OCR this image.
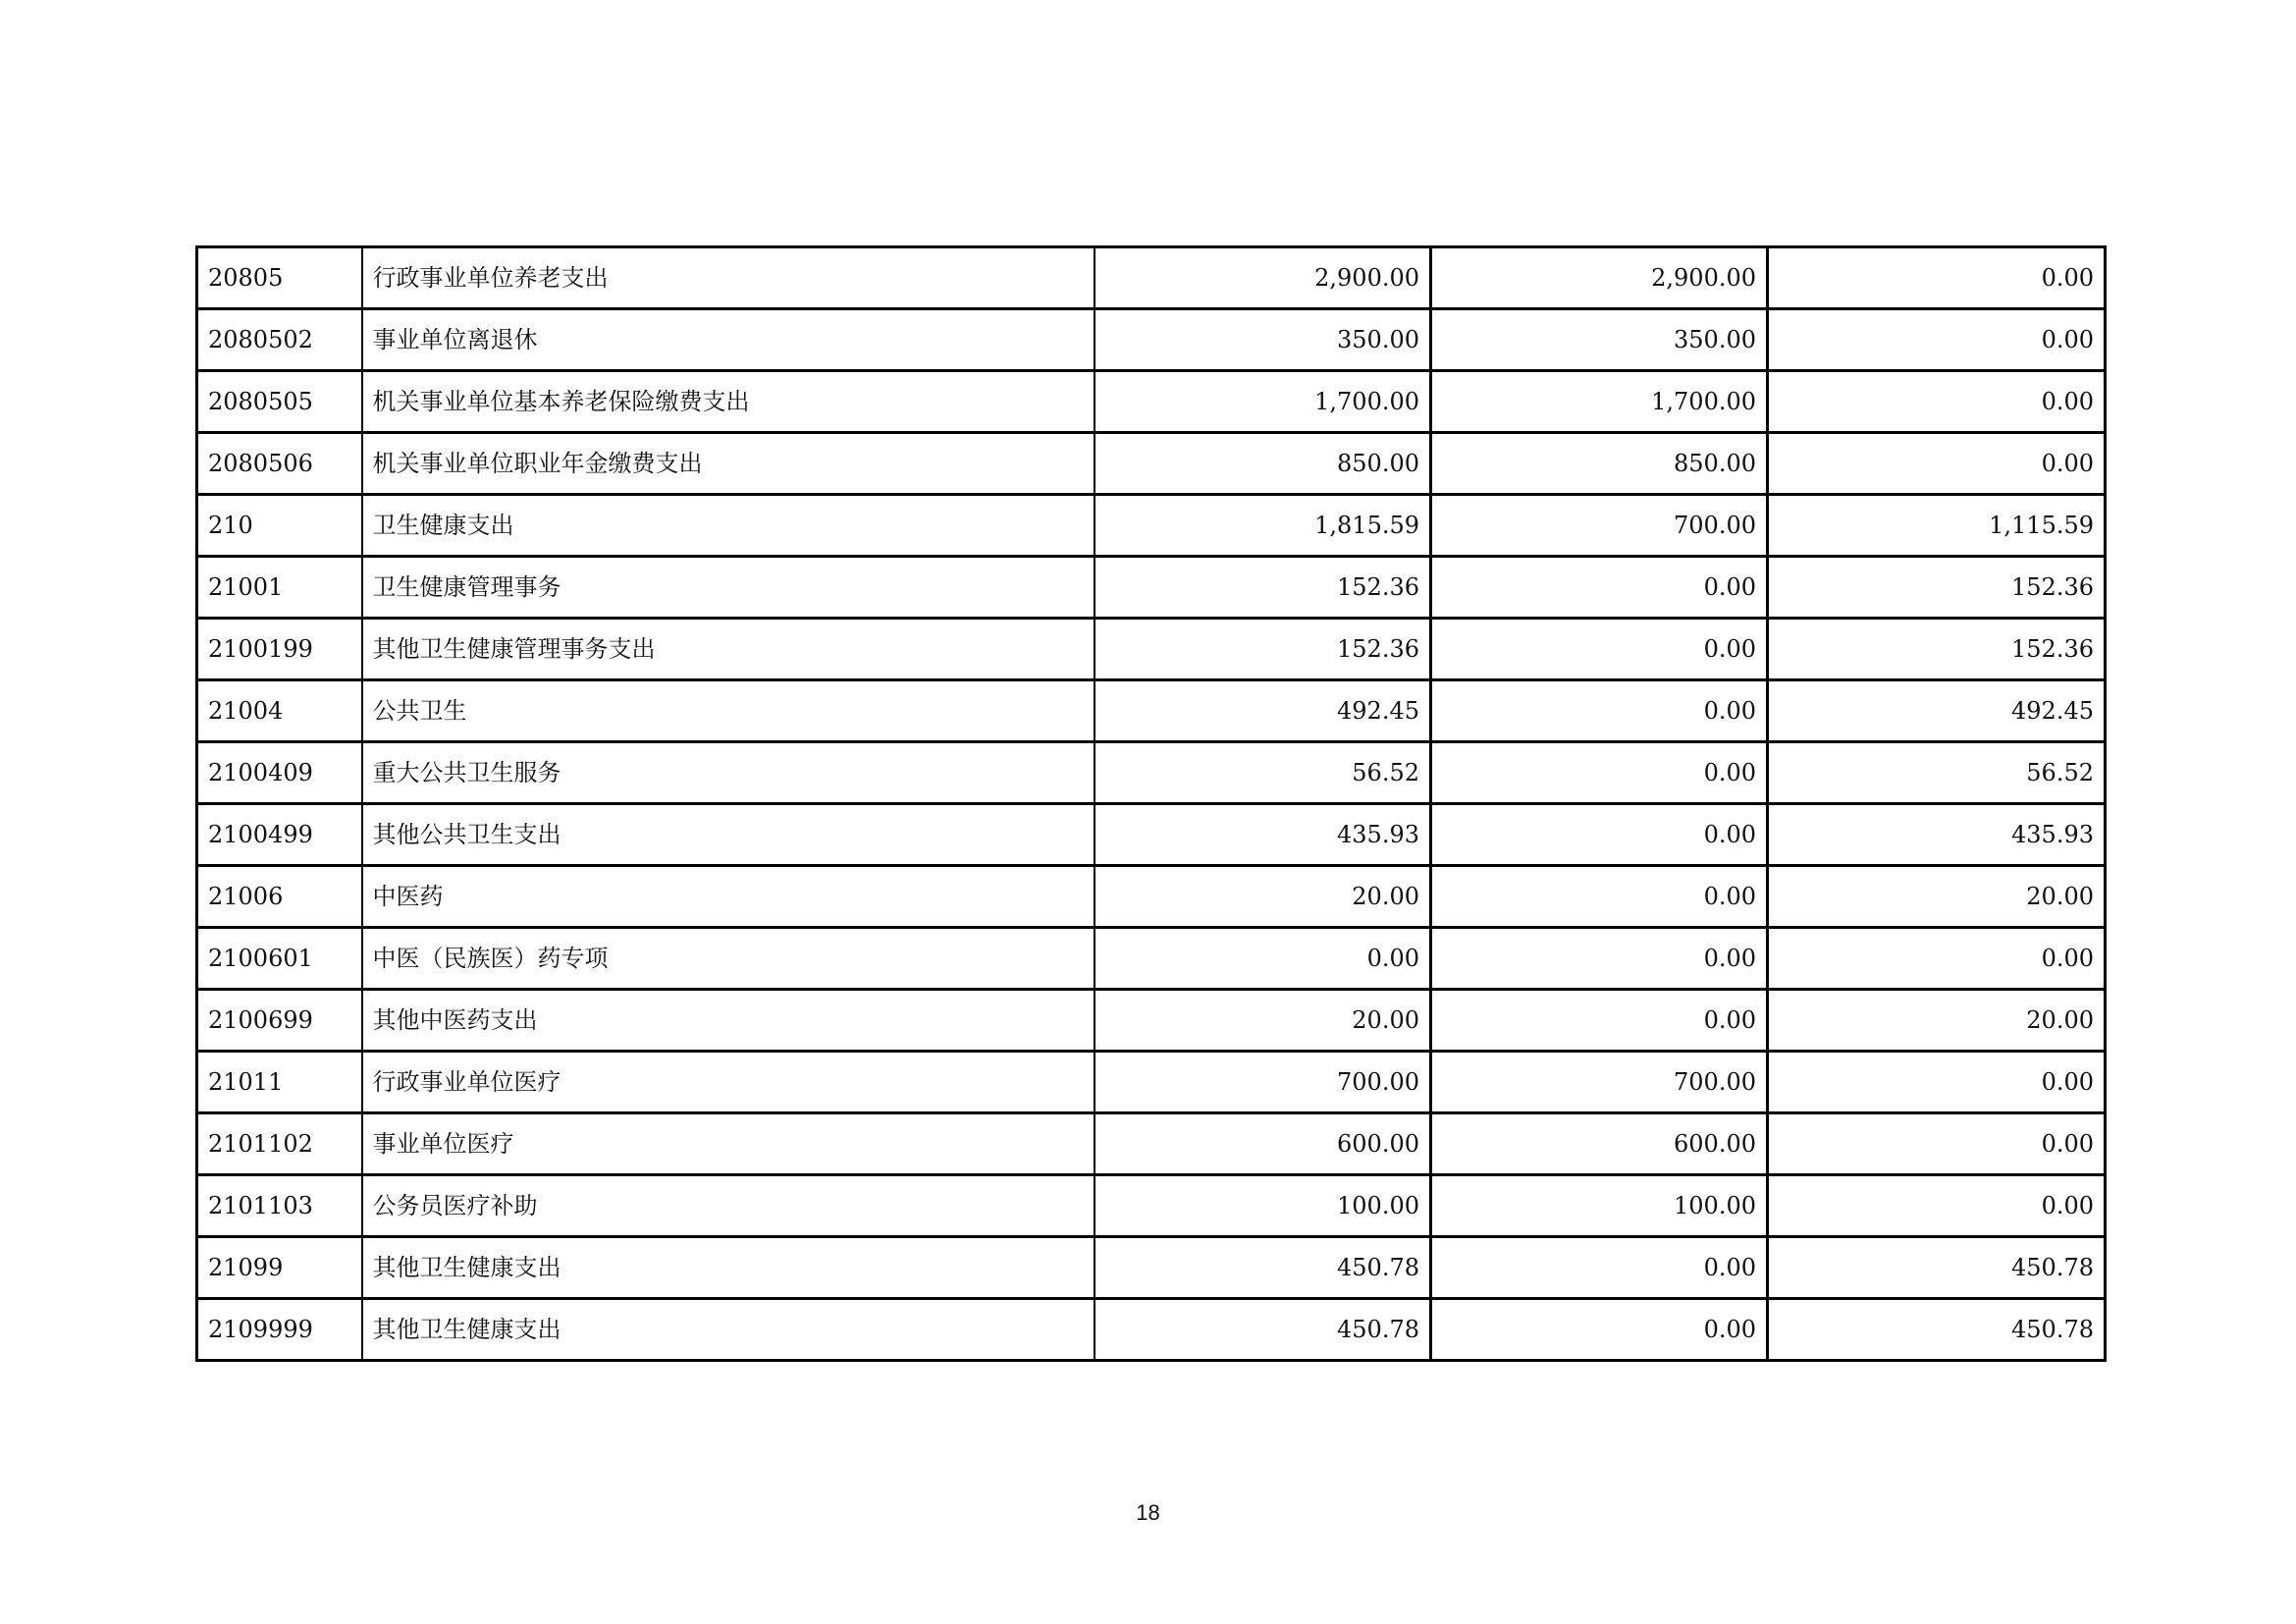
20805	行政事业单位养老支出	2,900.00	2,900.00	0.00
2080502	事业单位离退休	350.00	350.00	0.00
2080505	机关事业单位基本养老保险缴费支出	1,700.00	1,700.00	0.00
2080506	机关事业单位职业年金缴费支出	850.00	850.00	0.00
210	卫生健康支出	1,815.59	700.00	1,115.59
21001	卫生健康管理事务	152.36	0.00	152.36
2100199	其他卫生健康管理事务支出	152.36	0.00	152.36
21004	公共卫生	492.45	0.00	492.45
2100409	重大公共卫生服务	56.52	0.00	56.52
2100499	其他公共卫生支出	435.93	0.00	435.93
21006	中医药	20.00	0.00	20.00
2100601	中医（民族医）药专项	0.00	0.00	0.00
2100699	其他中医药支出	20.00	0.00	20.00
21011	行政事业单位医疗	700.00	700.00	0.00
2101102	事业单位医疗	600.00	600.00	0.00
2101103	公务员医疗补助	100.00	100.00	0.00
21099	其他卫生健康支出	450.78	0.00	450.78
2109999	其他卫生健康支出	450.78	0.00	450.78
18
